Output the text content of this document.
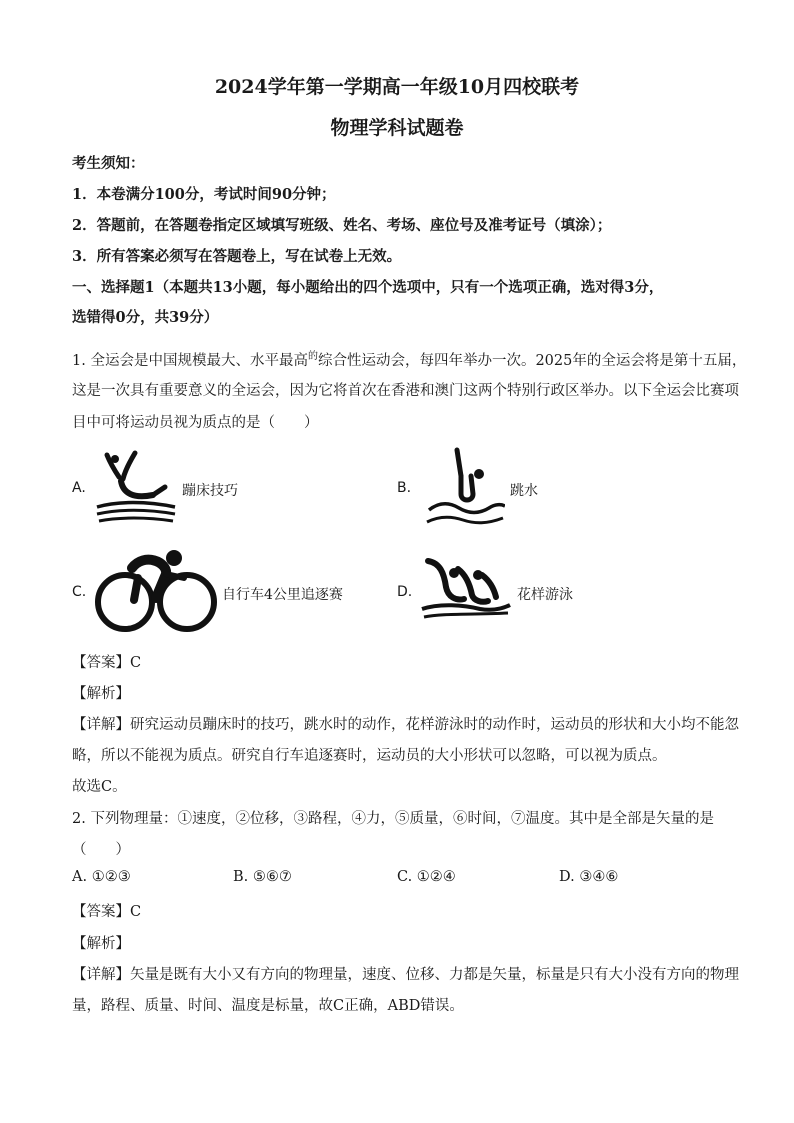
2024学年第一学期高一年级10月四校联考
物理学科试题卷
考生须知：
1．本卷满分100分，考试时间90分钟；
2．答题前，在答题卷指定区域填写班级、姓名、考场、座位号及准考证号（填涂）；
3．所有答案必须写在答题卷上，写在试卷上无效。
一、选择题1（本题共13小题，每小题给出的四个选项中，只有一个选项正确，选对得3分，
选错得0分，共39分）
1. 全运会是中国规模最大、水平最高$^的$综合性运动会，每四年举办一次。2025年的全运会将是第十五届，
这是一次具有重要意义的全运会，因为它将首次在香港和澳门这两个特别行政区举办。以下全运会比赛项
目中可将运动员视为质点的是（　　）
A.	蹦床技巧	B.	跳水
C.	自行车4公里追逐赛	D.	花样游泳
【答案】C
【解析】
【详解】研究运动员蹦床时的技巧，跳水时的动作，花样游泳时的动作时，运动员的形状和大小均不能忽
略，所以不能视为质点。研究自行车追逐赛时，运动员的大小形状可以忽略，可以视为质点。
故选C。
2. 下列物理量：①速度，②位移，③路程，④力，⑤质量，⑥时间，⑦温度。其中是全部是矢量的是
（　　）
A. ①②③	B. ⑤⑥⑦	C. ①②④	D. ③④⑥
【答案】C
【解析】
【详解】矢量是既有大小又有方向的物理量，速度、位移、力都是矢量，标量是只有大小没有方向的物理
量，路程、质量、时间、温度是标量，故C正确，ABD错误。
